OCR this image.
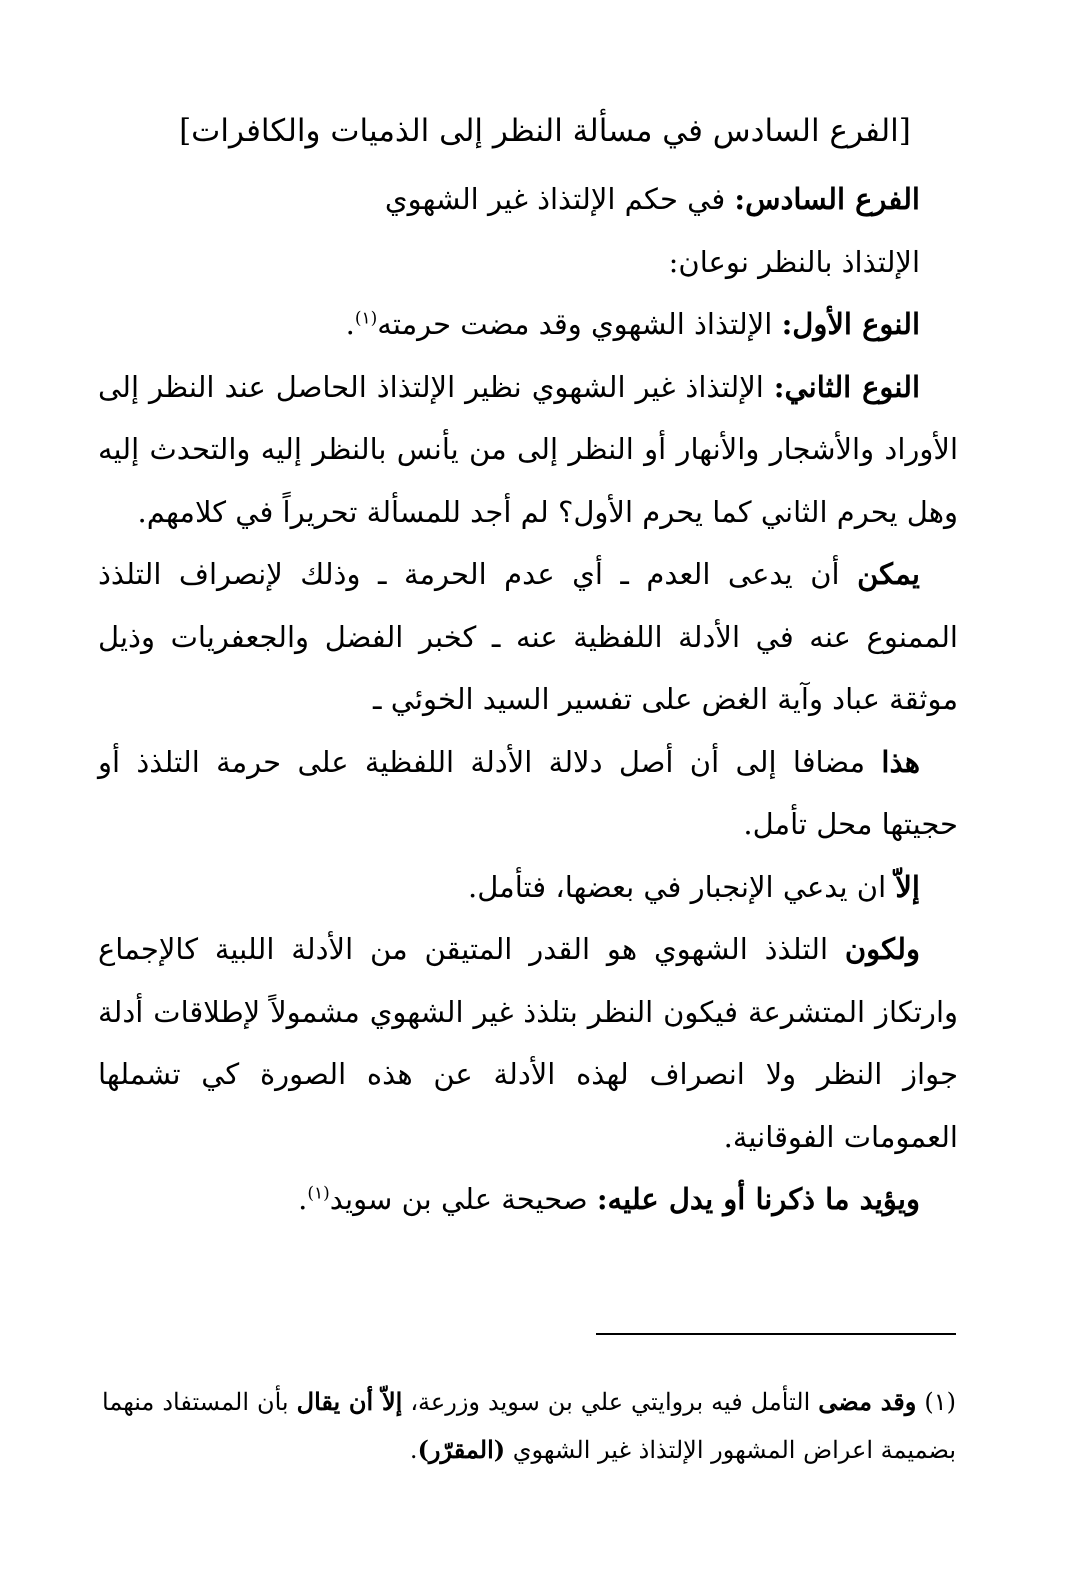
[الفرع السادس في مسألة النظر إلى الذميات والكافرات]

الفرع السادس: في حكم الإلتذاذ غير الشهوي

الإلتذاذ بالنظر نوعان:

النوع الأول: الإلتذاذ الشهوي وقد مضت حرمته$^{(١)}$.

النوع الثاني: الإلتذاذ غير الشهوي نظير الإلتذاذ الحاصل عند النظر إلى الأوراد والأشجار والأنهار أو النظر إلى من يأنس بالنظر إليه والتحدث إليه وهل يحرم الثاني كما يحرم الأول؟ لم أجد للمسألة تحريراً في كلامهم.

يمكن أن يدعى العدم ـ أي عدم الحرمة ـ وذلك لإنصراف التلذذ الممنوع عنه في الأدلة اللفظية عنه ـ كخبر الفضل والجعفريات وذيل موثقة عباد وآية الغض على تفسير السيد الخوئي ـ

هذا مضافا إلى أن أصل دلالة الأدلة اللفظية على حرمة التلذذ أو حجيتها محل تأمل.

إلاّ ان يدعي الإنجبار في بعضها، فتأمل.

ولكون التلذذ الشهوي هو القدر المتيقن من الأدلة اللبية كالإجماع وارتكاز المتشرعة فيكون النظر بتلذذ غير الشهوي مشمولاً لإطلاقات أدلة جواز النظر ولا انصراف لهذه الأدلة عن هذه الصورة كي تشملها العمومات الفوقانية.

ويؤيد ما ذكرنا أو يدل عليه: صحيحة علي بن سويد$^{(١)}$.

(١) وقد مضى التأمل فيه بروايتي علي بن سويد وزرعة، إلاّ أن يقال بأن المستفاد منهما بضميمة اعراض المشهور الإلتذاذ غير الشهوي (المقرّر).
